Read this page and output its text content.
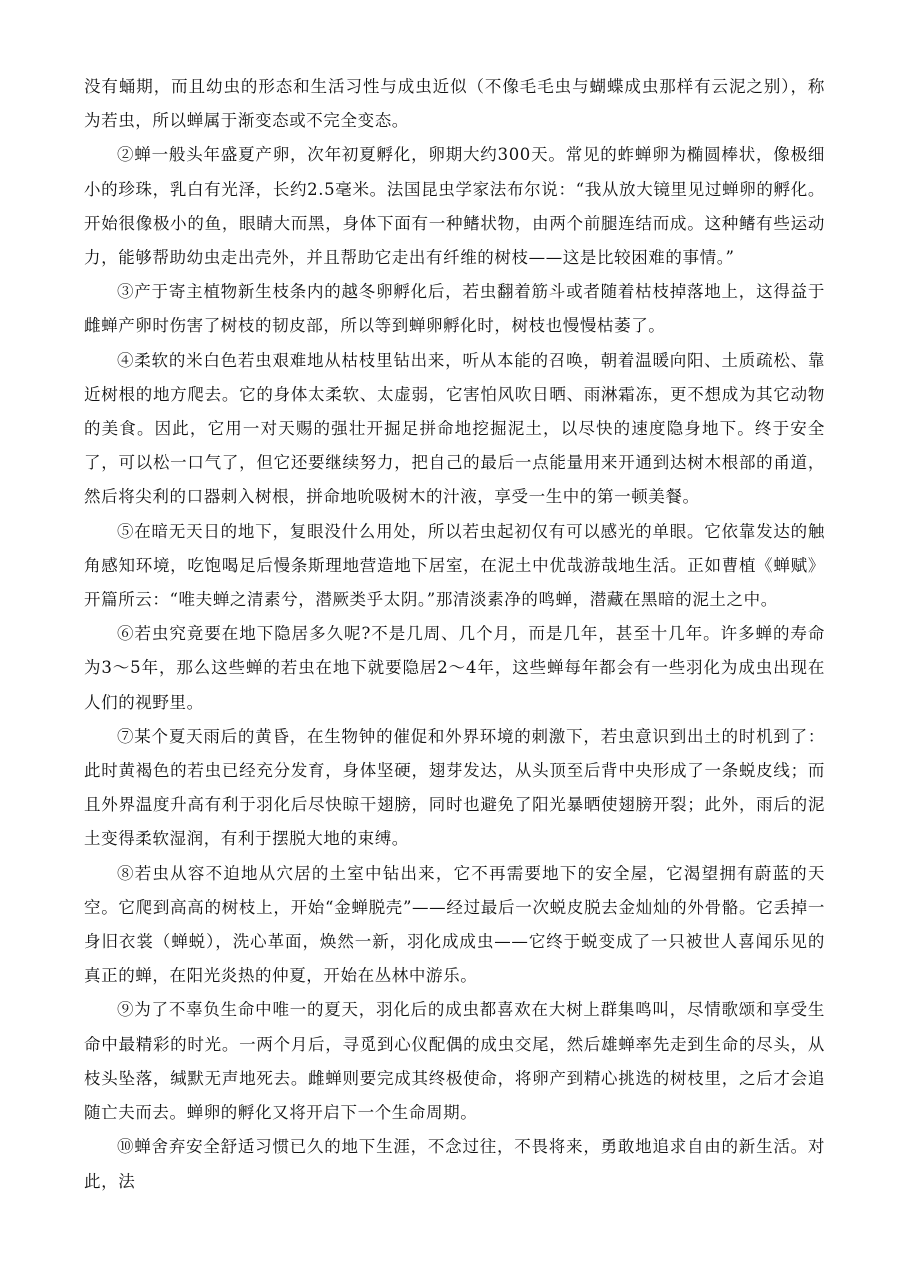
没有蛹期，而且幼虫的形态和生活习性与成虫近似（不像毛毛虫与蝴蝶成虫那样有云泥之别），称为若虫，所以蝉属于渐变态或不完全变态。

②蝉一般头年盛夏产卵，次年初夏孵化，卵期大约300天。常见的蚱蝉卵为椭圆棒状，像极细小的珍珠，乳白有光泽，长约2.5毫米。法国昆虫学家法布尔说：“我从放大镜里见过蝉卵的孵化。开始很像极小的鱼，眼睛大而黑，身体下面有一种鳍状物，由两个前腿连结而成。这种鳍有些运动力，能够帮助幼虫走出壳外，并且帮助它走出有纤维的树枝——这是比较困难的事情。”

③产于寄主植物新生枝条内的越冬卵孵化后，若虫翻着筋斗或者随着枯枝掉落地上，这得益于雌蝉产卵时伤害了树枝的韧皮部，所以等到蝉卵孵化时，树枝也慢慢枯萎了。

④柔软的米白色若虫艰难地从枯枝里钻出来，听从本能的召唤，朝着温暖向阳、土质疏松、靠近树根的地方爬去。它的身体太柔软、太虚弱，它害怕风吹日晒、雨淋霜冻，更不想成为其它动物的美食。因此，它用一对天赐的强壮开掘足拼命地挖掘泥土，以尽快的速度隐身地下。终于安全了，可以松一口气了，但它还要继续努力，把自己的最后一点能量用来开通到达树木根部的甬道，然后将尖利的口器刺入树根，拼命地吮吸树木的汁液，享受一生中的第一顿美餐。

⑤在暗无天日的地下，复眼没什么用处，所以若虫起初仅有可以感光的单眼。它依靠发达的触角感知环境，吃饱喝足后慢条斯理地营造地下居室，在泥土中优哉游哉地生活。正如曹植《蝉赋》开篇所云：“唯夫蝉之清素兮，潜厥类乎太阴。”那清淡素净的鸣蝉，潜藏在黑暗的泥土之中。

⑥若虫究竟要在地下隐居多久呢?不是几周、几个月，而是几年，甚至十几年。许多蝉的寿命为3～5年，那么这些蝉的若虫在地下就要隐居2～4年，这些蝉每年都会有一些羽化为成虫出现在人们的视野里。

⑦某个夏天雨后的黄昏，在生物钟的催促和外界环境的刺激下，若虫意识到出土的时机到了：此时黄褐色的若虫已经充分发育，身体坚硬，翅芽发达，从头顶至后背中央形成了一条蜕皮线；而且外界温度升高有利于羽化后尽快晾干翅膀，同时也避免了阳光暴晒使翅膀开裂；此外，雨后的泥土变得柔软湿润，有利于摆脱大地的束缚。

⑧若虫从容不迫地从穴居的土室中钻出来，它不再需要地下的安全屋，它渴望拥有蔚蓝的天空。它爬到高高的树枝上，开始“金蝉脱壳”——经过最后一次蜕皮脱去金灿灿的外骨骼。它丢掉一身旧衣裳（蝉蜕），洗心革面，焕然一新，羽化成成虫——它终于蜕变成了一只被世人喜闻乐见的真正的蝉，在阳光炎热的仲夏，开始在丛林中游乐。

⑨为了不辜负生命中唯一的夏天，羽化后的成虫都喜欢在大树上群集鸣叫，尽情歌颂和享受生命中最精彩的时光。一两个月后，寻觅到心仪配偶的成虫交尾，然后雄蝉率先走到生命的尽头，从枝头坠落，缄默无声地死去。雌蝉则要完成其终极使命，将卵产到精心挑选的树枝里，之后才会追随亡夫而去。蝉卵的孵化又将开启下一个生命周期。

⑩蝉舍弃安全舒适习惯已久的地下生涯，不念过往，不畏将来，勇敢地追求自由的新生活。对此，法
